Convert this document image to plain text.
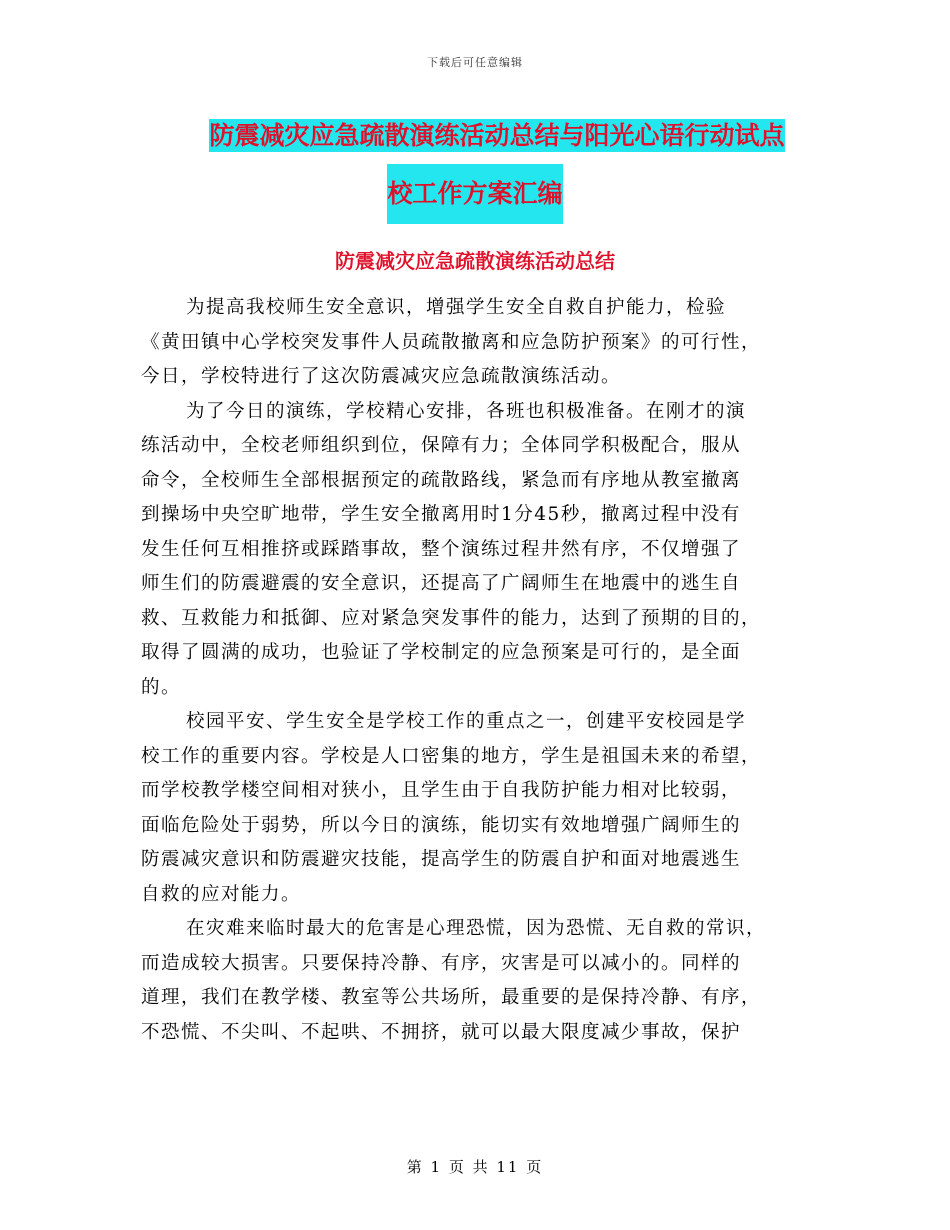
下载后可任意编辑
防震减灾应急疏散演练活动总结与阳光心语行动试点
校工作方案汇编
防震减灾应急疏散演练活动总结
为提高我校师生安全意识，增强学生安全自救自护能力，检验
《黄田镇中心学校突发事件人员疏散撤离和应急防护预案》的可行性，
今日，学校特进行了这次防震减灾应急疏散演练活动。
为了今日的演练，学校精心安排，各班也积极准备。在刚才的演
练活动中，全校老师组织到位，保障有力；全体同学积极配合，服从
命令，全校师生全部根据预定的疏散路线，紧急而有序地从教室撤离
到操场中央空旷地带，学生安全撤离用时1分45秒，撤离过程中没有
发生任何互相推挤或踩踏事故，整个演练过程井然有序，不仅增强了
师生们的防震避震的安全意识，还提高了广阔师生在地震中的逃生自
救、互救能力和抵御、应对紧急突发事件的能力，达到了预期的目的，
取得了圆满的成功，也验证了学校制定的应急预案是可行的，是全面
的。
校园平安、学生安全是学校工作的重点之一，创建平安校园是学
校工作的重要内容。学校是人口密集的地方，学生是祖国未来的希望，
而学校教学楼空间相对狭小，且学生由于自我防护能力相对比较弱，
面临危险处于弱势，所以今日的演练，能切实有效地增强广阔师生的
防震减灾意识和防震避灾技能，提高学生的防震自护和面对地震逃生
自救的应对能力。
在灾难来临时最大的危害是心理恐慌，因为恐慌、无自救的常识，
而造成较大损害。只要保持冷静、有序，灾害是可以减小的。同样的
道理，我们在教学楼、教室等公共场所，最重要的是保持冷静、有序，
不恐慌、不尖叫、不起哄、不拥挤，就可以最大限度减少事故，保护
第 1 页 共 11 页
